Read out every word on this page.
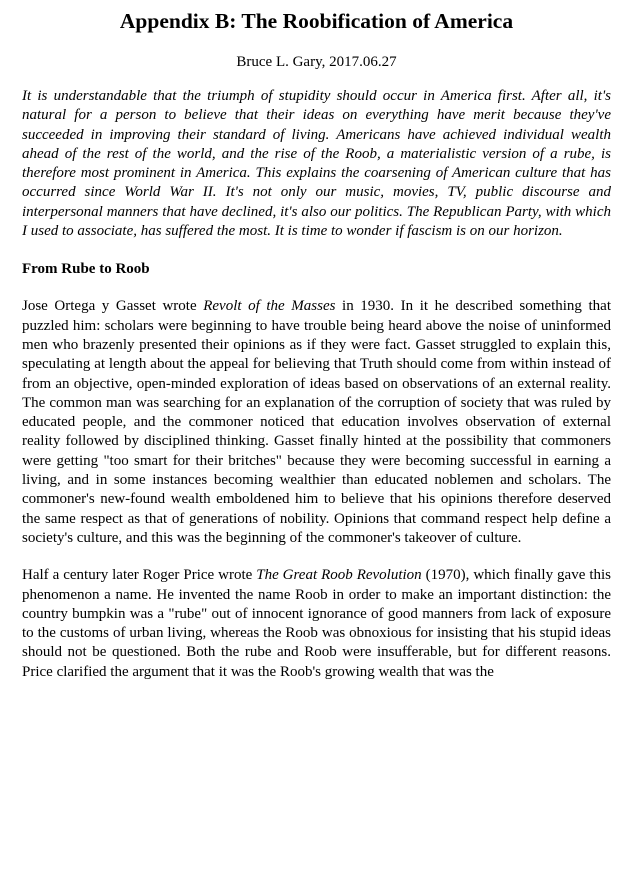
Appendix B: The Roobification of America
Bruce L. Gary, 2017.06.27
It is understandable that the triumph of stupidity should occur in America first. After all, it's natural for a person to believe that their ideas on everything have merit because they've succeeded in improving their standard of living. Americans have achieved individual wealth ahead of the rest of the world, and the rise of the Roob, a materialistic version of a rube, is therefore most prominent in America. This explains the coarsening of American culture that has occurred since World War II. It's not only our music, movies, TV, public discourse and interpersonal manners that have declined, it's also our politics. The Republican Party, with which I used to associate, has suffered the most. It is time to wonder if fascism is on our horizon.
From Rube to Roob
Jose Ortega y Gasset wrote Revolt of the Masses in 1930. In it he described something that puzzled him: scholars were beginning to have trouble being heard above the noise of uninformed men who brazenly presented their opinions as if they were fact. Gasset struggled to explain this, speculating at length about the appeal for believing that Truth should come from within instead of from an objective, open-minded exploration of ideas based on observations of an external reality. The common man was searching for an explanation of the corruption of society that was ruled by educated people, and the commoner noticed that education involves observation of external reality followed by disciplined thinking. Gasset finally hinted at the possibility that commoners were getting "too smart for their britches" because they were becoming successful in earning a living, and in some instances becoming wealthier than educated noblemen and scholars. The commoner's new-found wealth emboldened him to believe that his opinions therefore deserved the same respect as that of generations of nobility. Opinions that command respect help define a society's culture, and this was the beginning of the commoner's takeover of culture.
Half a century later Roger Price wrote The Great Roob Revolution (1970), which finally gave this phenomenon a name. He invented the name Roob in order to make an important distinction: the country bumpkin was a "rube" out of innocent ignorance of good manners from lack of exposure to the customs of urban living, whereas the Roob was obnoxious for insisting that his stupid ideas should not be questioned. Both the rube and Roob were insufferable, but for different reasons. Price clarified the argument that it was the Roob's growing wealth that was the
